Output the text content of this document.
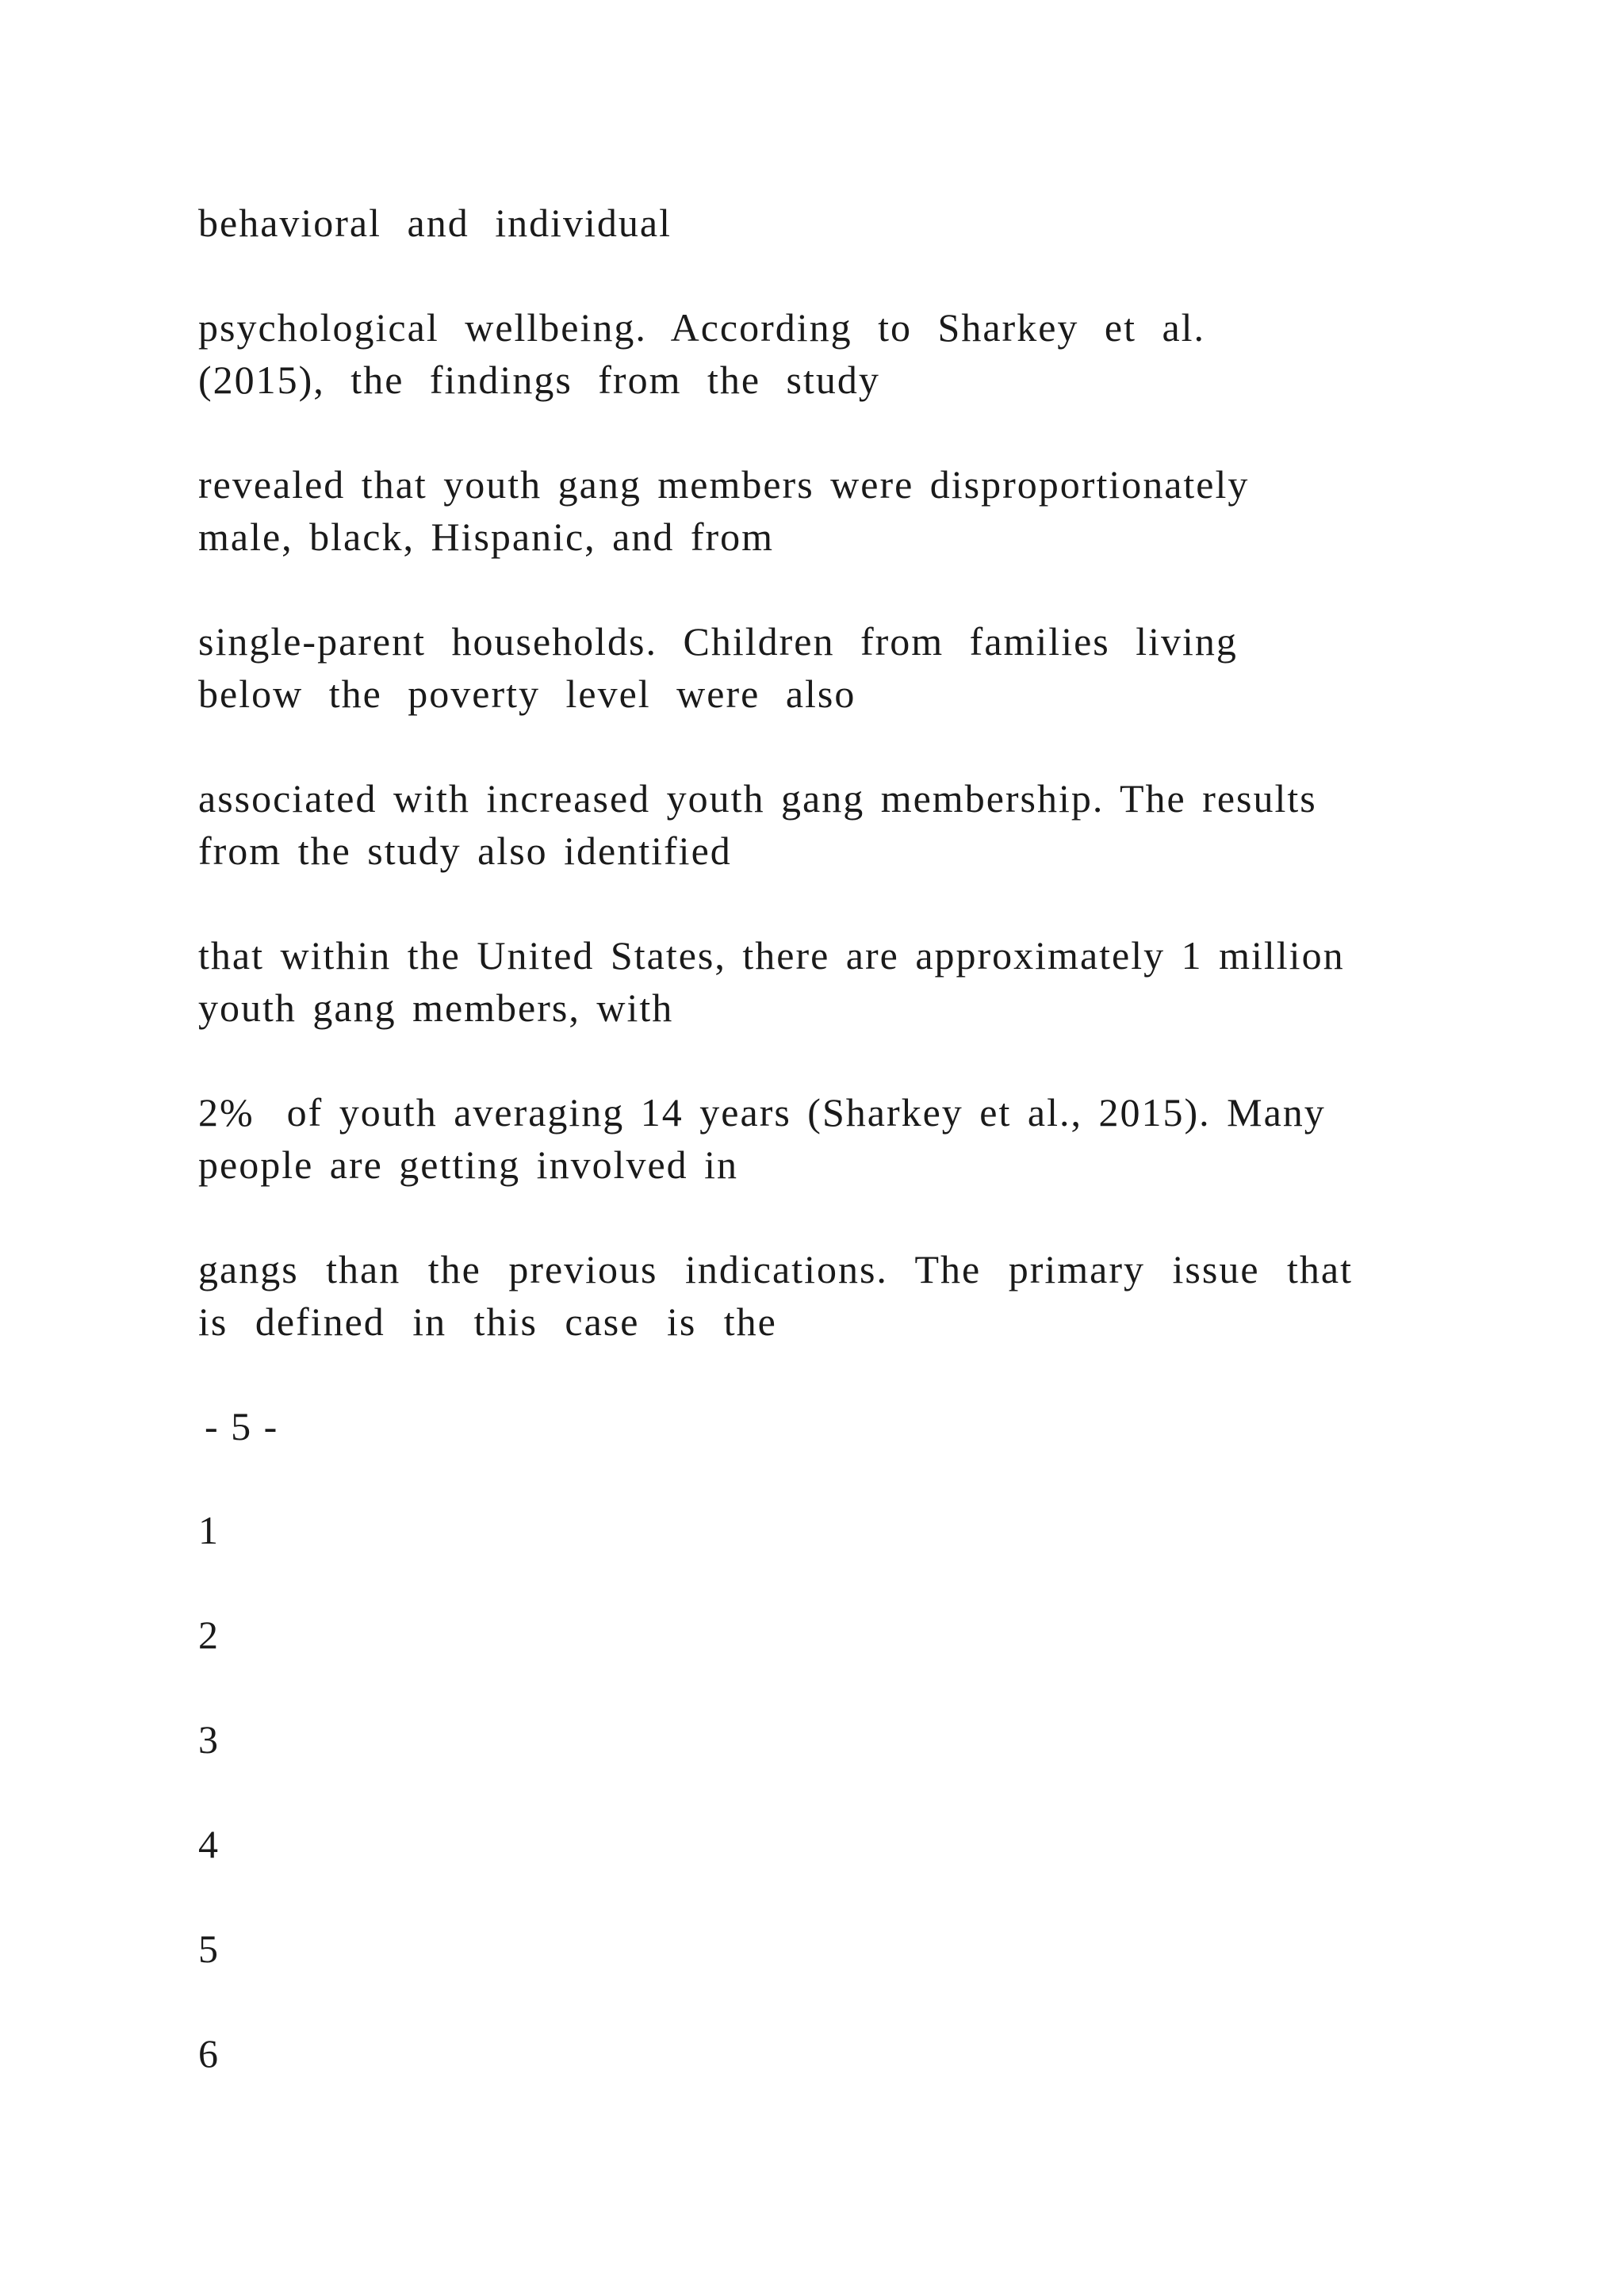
behavioral and individual
psychological wellbeing. According to Sharkey et al.
(2015), the findings from the study
revealed that youth gang members were disproportionately
male, black, Hispanic, and from
single-parent households. Children from families living
below the poverty level were also
associated with increased youth gang membership. The results
from the study also identified
that within the United States, there are approximately 1 million
youth gang members, with
2%  of youth averaging 14 years (Sharkey et al., 2015). Many
people are getting involved in
gangs than the previous indications. The primary issue that
is defined in this case is the
- 5 -
1
2
3
4
5
6
